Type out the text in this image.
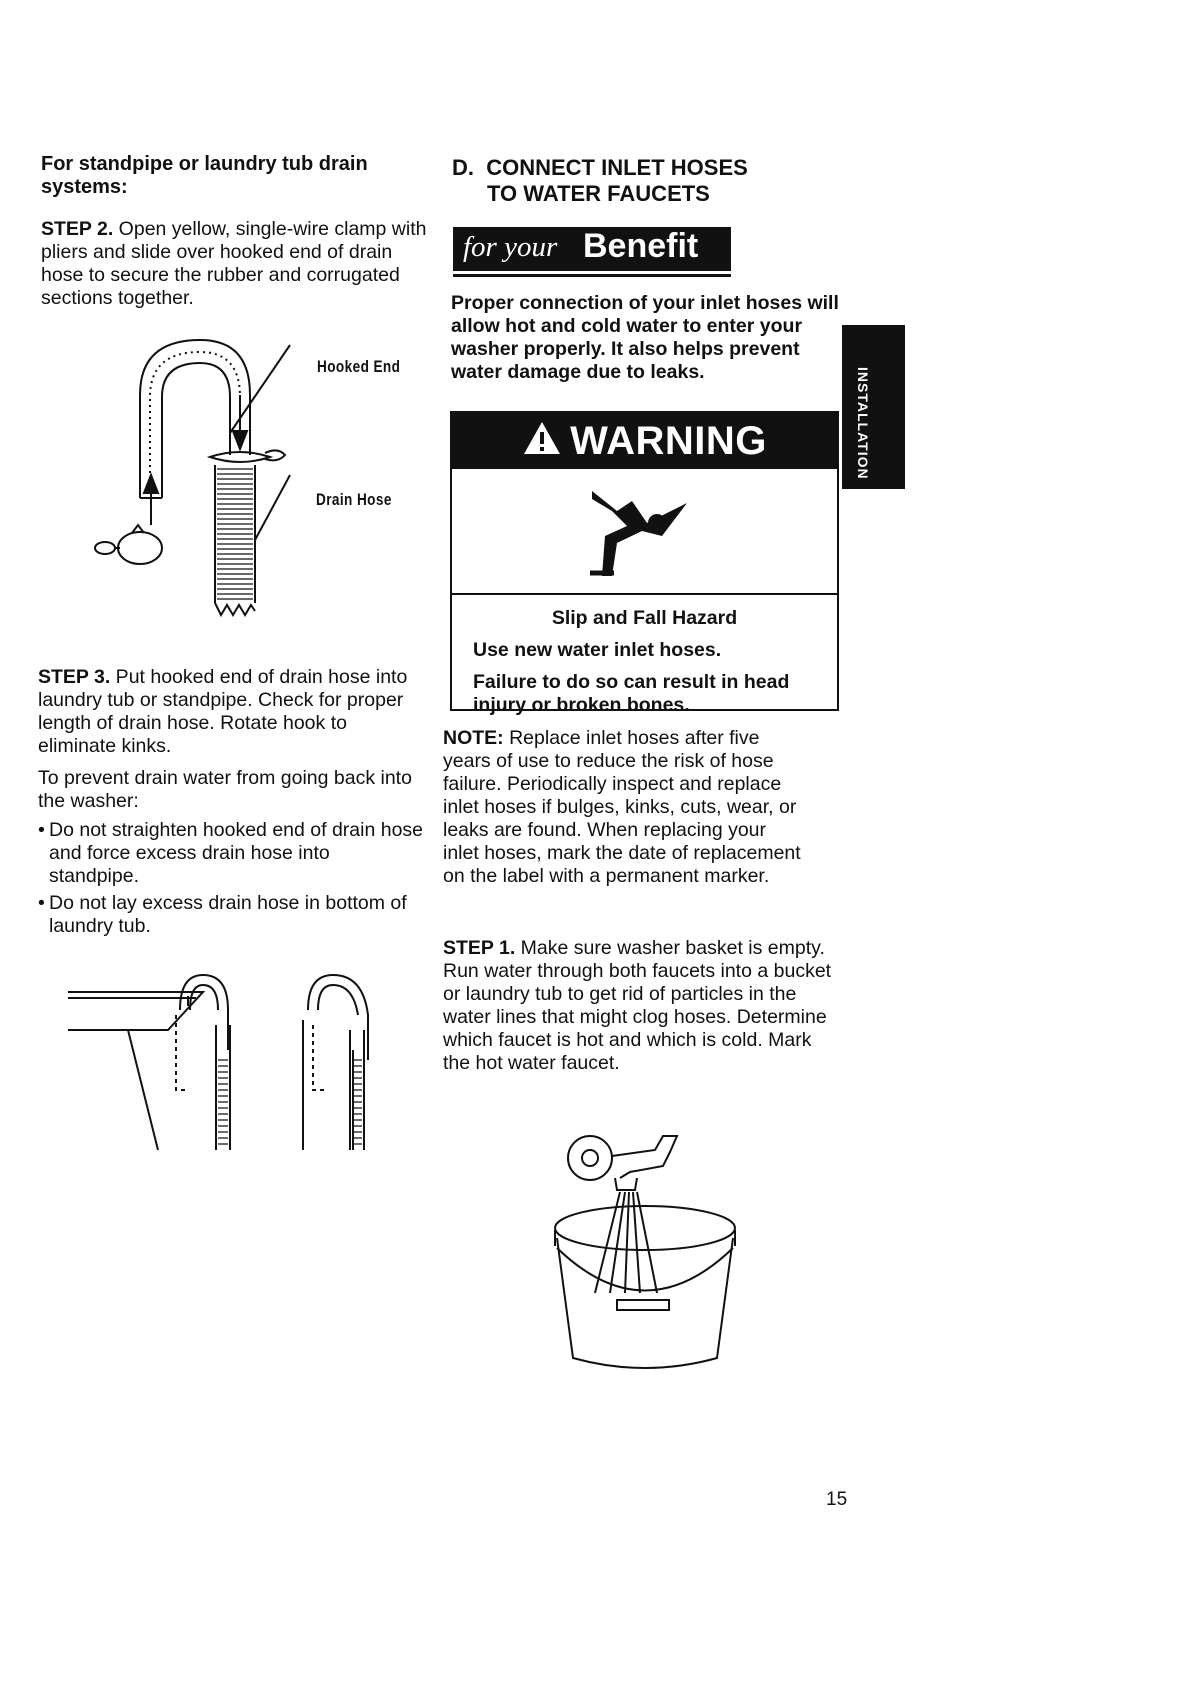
For standpipe or laundry tub drain systems:

STEP 2. Open yellow, single-wire clamp with pliers and slide over hooked end of drain hose to secure the rubber and corrugated sections together.

Hooked End
Drain Hose

STEP 3. Put hooked end of drain hose into laundry tub or standpipe. Check for proper length of drain hose. Rotate hook to eliminate kinks.

To prevent drain water from going back into the washer:

• Do not straighten hooked end of drain hose and force excess drain hose into standpipe.
• Do not lay excess drain hose in bottom of laundry tub.
D.  CONNECT INLET HOSES
TO WATER FAUCETS
for your Benefit

Proper connection of your inlet hoses will allow hot and cold water to enter your washer properly. It also helps prevent water damage due to leaks.

WARNING
Slip and Fall Hazard
Use new water inlet hoses.
Failure to do so can result in head injury or broken bones.

NOTE: Replace inlet hoses after five years of use to reduce the risk of hose failure. Periodically inspect and replace inlet hoses if bulges, kinks, cuts, wear, or leaks are found. When replacing your inlet hoses, mark the date of replacement on the label with a permanent marker.

STEP 1. Make sure washer basket is empty. Run water through both faucets into a bucket or laundry tub to get rid of particles in the water lines that might clog hoses. Determine which faucet is hot and which is cold. Mark the hot water faucet.

INSTALLATION
15
